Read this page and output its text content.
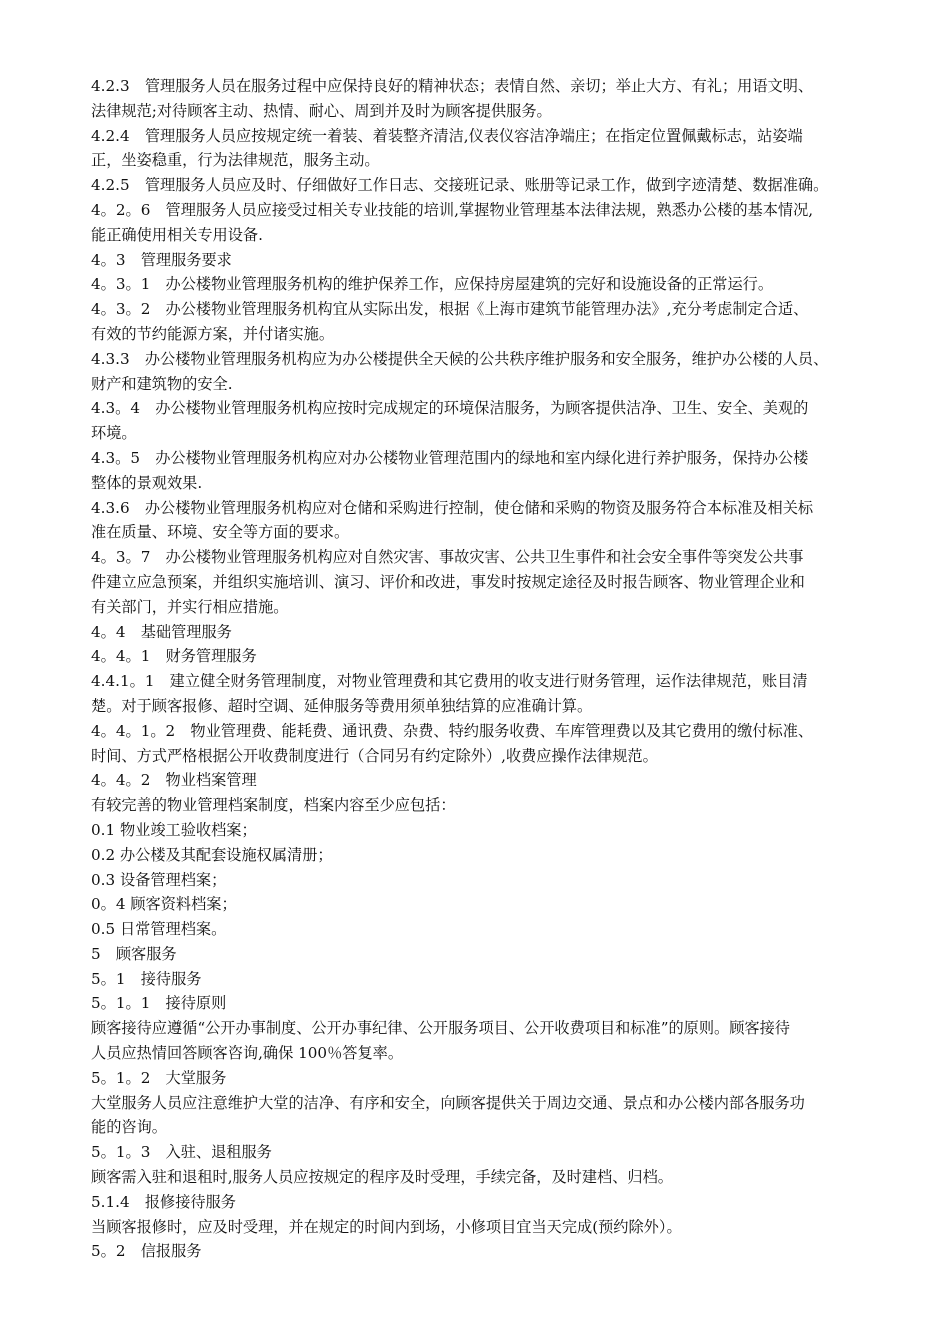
4.2.3　管理服务人员在服务过程中应保持良好的精神状态；表情自然、亲切；举止大方、有礼；用语文明、

法律规范;对待顾客主动、热情、耐心、周到并及时为顾客提供服务。

4.2.4　管理服务人员应按规定统一着装、着装整齐清洁,仪表仪容洁净端庄；在指定位置佩戴标志，站姿端

正，坐姿稳重，行为法律规范，服务主动。

4.2.5　管理服务人员应及时、仔细做好工作日志、交接班记录、账册等记录工作，做到字迹清楚、数据准确。

4。2。6　管理服务人员应接受过相关专业技能的培训,掌握物业管理基本法律法规，熟悉办公楼的基本情况,

能正确使用相关专用设备.

4。3　管理服务要求

4。3。1　办公楼物业管理服务机构的维护保养工作，应保持房屋建筑的完好和设施设备的正常运行。

4。3。2　办公楼物业管理服务机构宜从实际出发，根据《上海市建筑节能管理办法》,充分考虑制定合适、

有效的节约能源方案，并付诸实施。

4.3.3　办公楼物业管理服务机构应为办公楼提供全天候的公共秩序维护服务和安全服务，维护办公楼的人员、

财产和建筑物的安全.

4.3。4　办公楼物业管理服务机构应按时完成规定的环境保洁服务，为顾客提供洁净、卫生、安全、美观的

环境。

4.3。5　办公楼物业管理服务机构应对办公楼物业管理范围内的绿地和室内绿化进行养护服务，保持办公楼

整体的景观效果.

4.3.6　办公楼物业管理服务机构应对仓储和采购进行控制，使仓储和采购的物资及服务符合本标准及相关标

准在质量、环境、安全等方面的要求。

4。3。7　办公楼物业管理服务机构应对自然灾害、事故灾害、公共卫生事件和社会安全事件等突发公共事

件建立应急预案，并组织实施培训、演习、评价和改进，事发时按规定途径及时报告顾客、物业管理企业和

有关部门，并实行相应措施。

4。4　基础管理服务

4。4。1　财务管理服务

4.4.1。1　建立健全财务管理制度，对物业管理费和其它费用的收支进行财务管理，运作法律规范，账目清

楚。对于顾客报修、超时空调、延伸服务等费用须单独结算的应准确计算。

4。4。1。2　物业管理费、能耗费、通讯费、杂费、特约服务收费、车库管理费以及其它费用的缴付标准、

时间、方式严格根据公开收费制度进行（合同另有约定除外）,收费应操作法律规范。

4。4。2　物业档案管理

有较完善的物业管理档案制度，档案内容至少应包括：

0.1 物业竣工验收档案；

0.2 办公楼及其配套设施权属清册；

0.3 设备管理档案；

0。4 顾客资料档案；

0.5 日常管理档案。

5　顾客服务

5。1　接待服务

5。1。1　接待原则

顾客接待应遵循“公开办事制度、公开办事纪律、公开服务项目、公开收费项目和标准”的原则。顾客接待

人员应热情回答顾客咨询,确保 100％答复率。

5。1。2　大堂服务

大堂服务人员应注意维护大堂的洁净、有序和安全，向顾客提供关于周边交通、景点和办公楼内部各服务功

能的咨询。

5。1。3　入驻、退租服务

顾客需入驻和退租时,服务人员应按规定的程序及时受理，手续完备，及时建档、归档。

5.1.4　报修接待服务

当顾客报修时，应及时受理，并在规定的时间内到场，小修项目宜当天完成(预约除外）。

5。2　信报服务
